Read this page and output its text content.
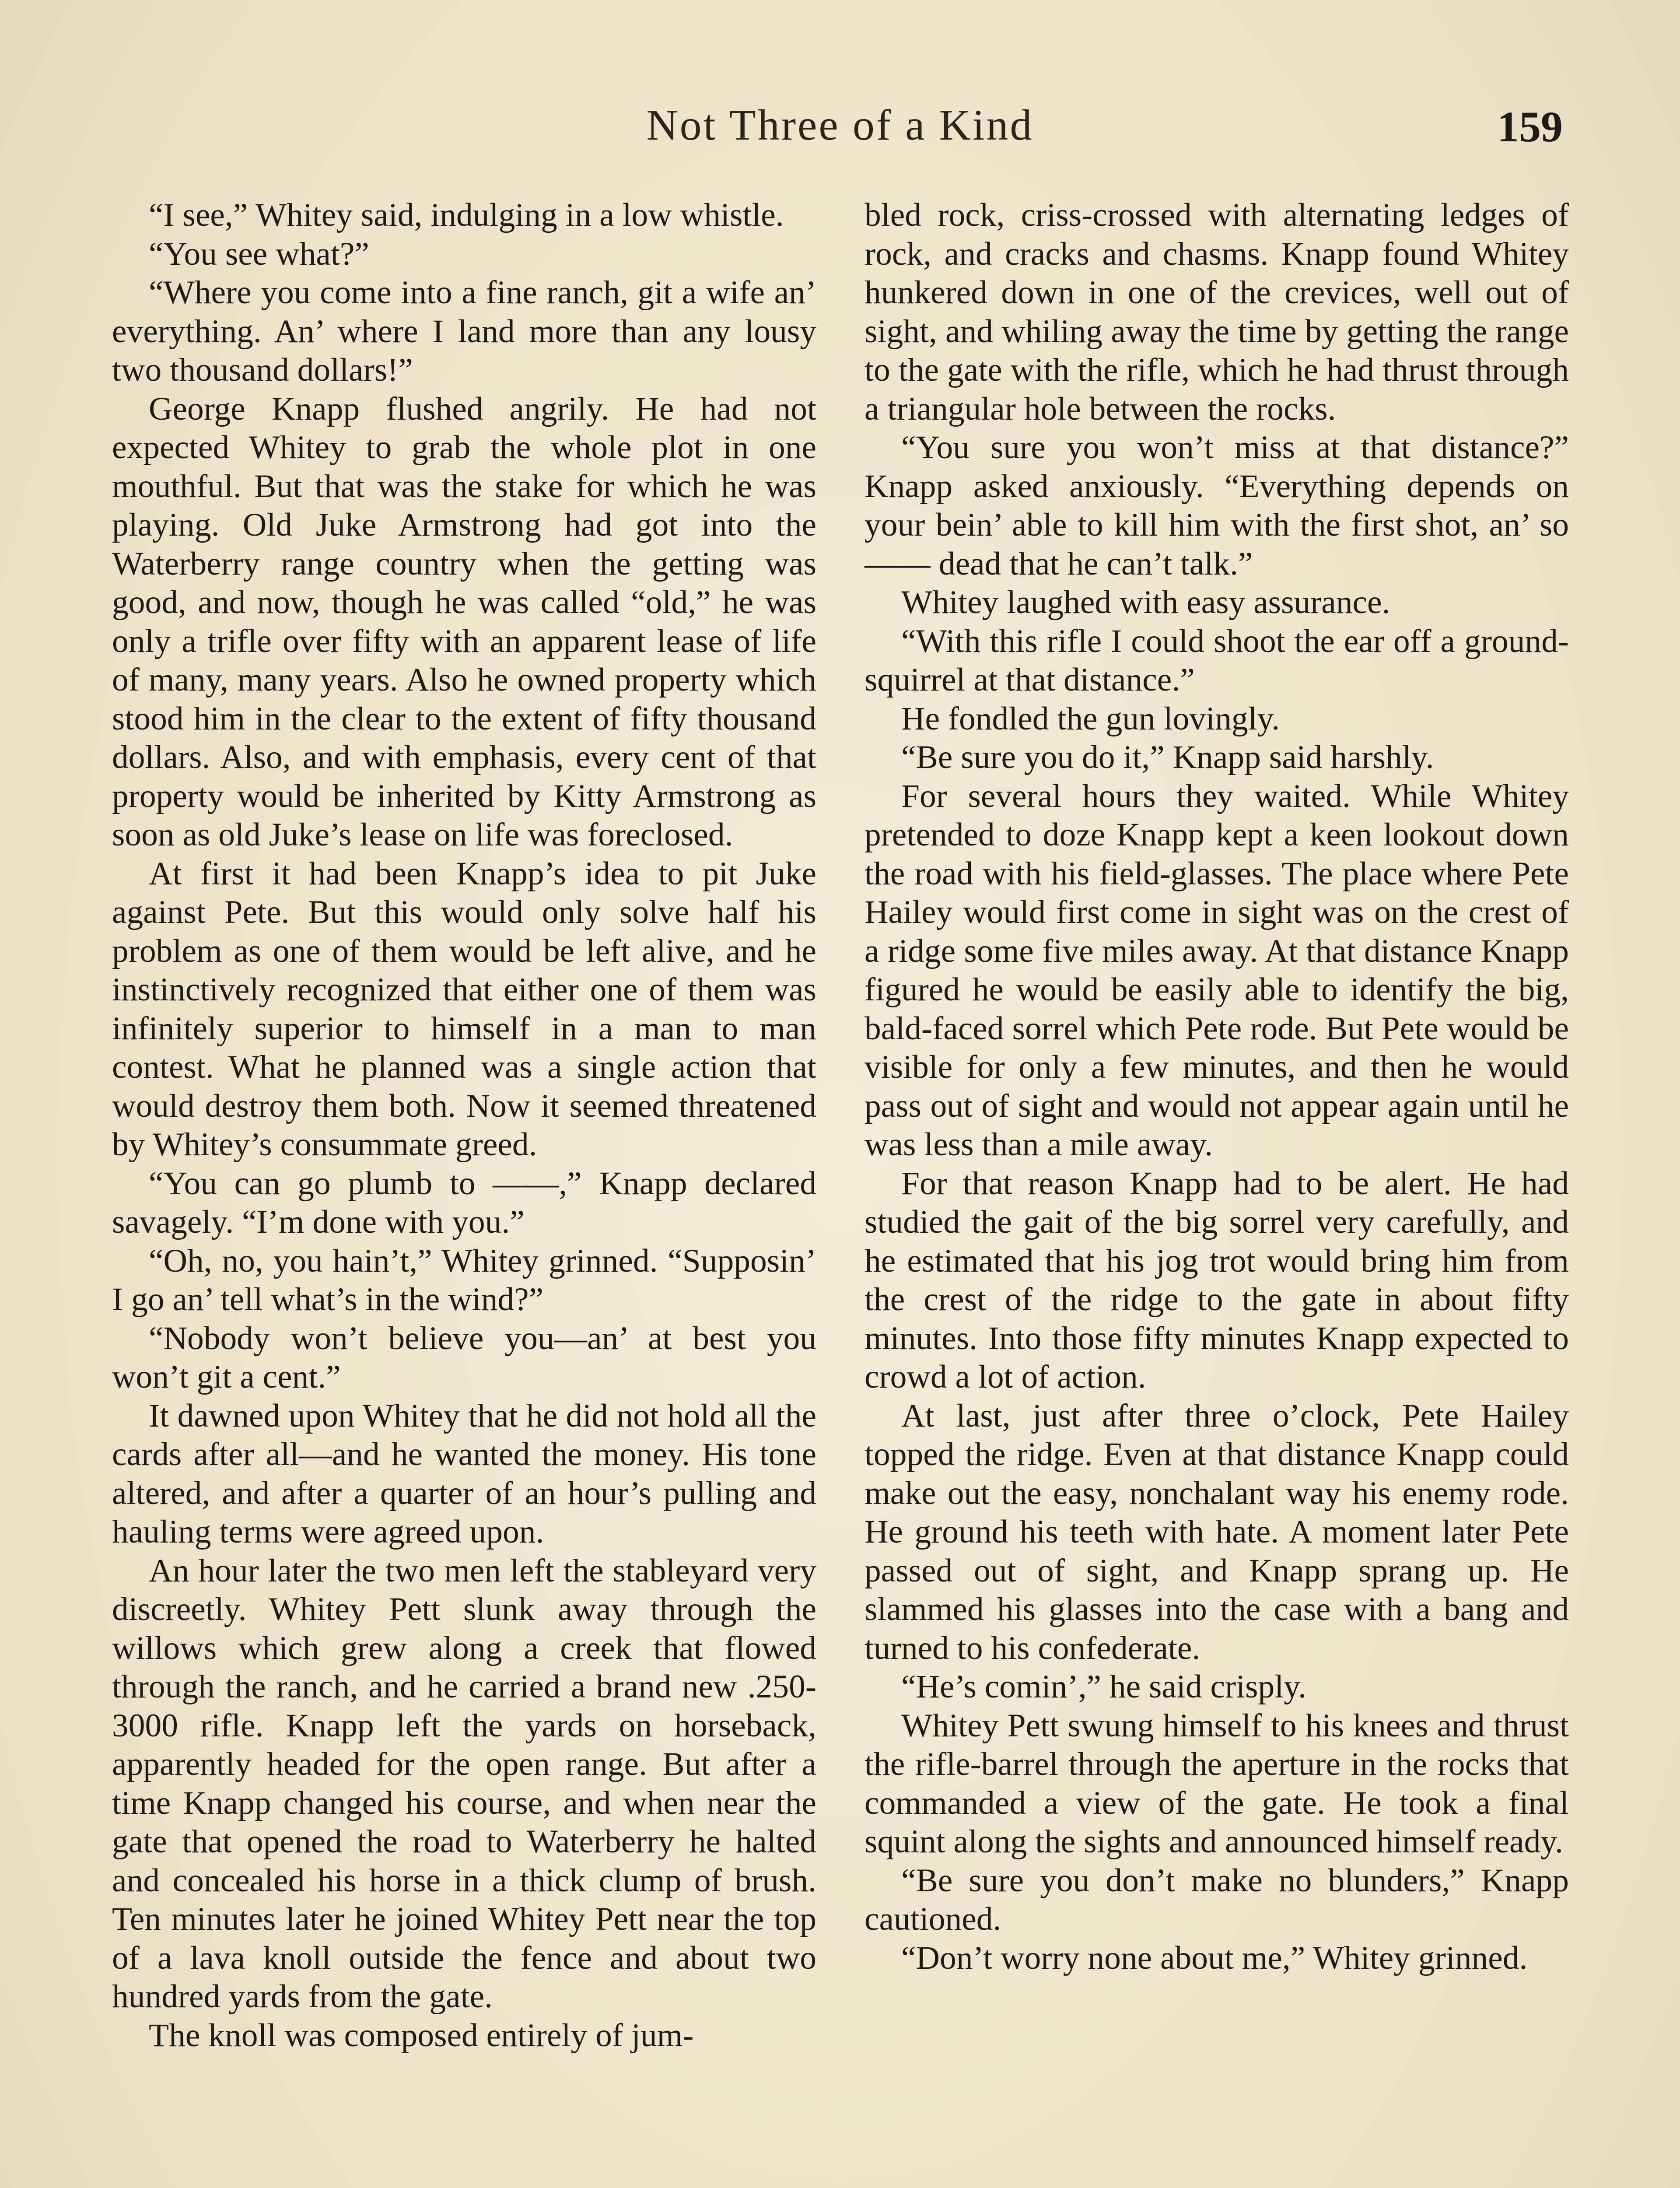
Not Three of a Kind	159

“I see,” Whitey said, indulging in a low whistle.

“You see what?”

“Where you come into a fine ranch, git a wife an’ everything. An’ where I land more than any lousy two thousand dollars!”

George Knapp flushed angrily. He had not expected Whitey to grab the whole plot in one mouthful. But that was the stake for which he was playing. Old Juke Armstrong had got into the Waterberry range country when the getting was good, and now, though he was called “old,” he was only a trifle over fifty with an apparent lease of life of many, many years. Also he owned property which stood him in the clear to the extent of fifty thousand dollars. Also, and with emphasis, every cent of that property would be inherited by Kitty Armstrong as soon as old Juke’s lease on life was foreclosed.

At first it had been Knapp’s idea to pit Juke against Pete. But this would only solve half his problem as one of them would be left alive, and he instinctively recognized that either one of them was infinitely superior to himself in a man to man contest. What he planned was a single action that would destroy them both. Now it seemed threatened by Whitey’s consummate greed.

“You can go plumb to ——,” Knapp declared savagely. “I’m done with you.”

“Oh, no, you hain’t,” Whitey grinned. “Supposin’ I go an’ tell what’s in the wind?”

“Nobody won’t believe you—an’ at best you won’t git a cent.”

It dawned upon Whitey that he did not hold all the cards after all—and he wanted the money. His tone altered, and after a quarter of an hour’s pulling and hauling terms were agreed upon.

An hour later the two men left the stableyard very discreetly. Whitey Pett slunk away through the willows which grew along a creek that flowed through the ranch, and he carried a brand new .250-3000 rifle. Knapp left the yards on horseback, apparently headed for the open range. But after a time Knapp changed his course, and when near the gate that opened the road to Waterberry he halted and concealed his horse in a thick clump of brush. Ten minutes later he joined Whitey Pett near the top of a lava knoll outside the fence and about two hundred yards from the gate.

The knoll was composed entirely of jum-

bled rock, criss-crossed with alternating ledges of rock, and cracks and chasms. Knapp found Whitey hunkered down in one of the crevices, well out of sight, and whiling away the time by getting the range to the gate with the rifle, which he had thrust through a triangular hole between the rocks.

“You sure you won’t miss at that distance?” Knapp asked anxiously. “Everything depends on your bein’ able to kill him with the first shot, an’ so —— dead that he can’t talk.”

Whitey laughed with easy assurance.

“With this rifle I could shoot the ear off a ground-squirrel at that distance.”

He fondled the gun lovingly.

“Be sure you do it,” Knapp said harshly.

For several hours they waited. While Whitey pretended to doze Knapp kept a keen lookout down the road with his field-glasses. The place where Pete Hailey would first come in sight was on the crest of a ridge some five miles away. At that distance Knapp figured he would be easily able to identify the big, bald-faced sorrel which Pete rode. But Pete would be visible for only a few minutes, and then he would pass out of sight and would not appear again until he was less than a mile away.

For that reason Knapp had to be alert. He had studied the gait of the big sorrel very carefully, and he estimated that his jog trot would bring him from the crest of the ridge to the gate in about fifty minutes. Into those fifty minutes Knapp expected to crowd a lot of action.

At last, just after three o’clock, Pete Hailey topped the ridge. Even at that distance Knapp could make out the easy, nonchalant way his enemy rode. He ground his teeth with hate. A moment later Pete passed out of sight, and Knapp sprang up. He slammed his glasses into the case with a bang and turned to his confederate.

“He’s comin’,” he said crisply.

Whitey Pett swung himself to his knees and thrust the rifle-barrel through the aperture in the rocks that commanded a view of the gate. He took a final squint along the sights and announced himself ready.

“Be sure you don’t make no blunders,” Knapp cautioned.

“Don’t worry none about me,” Whitey grinned.
